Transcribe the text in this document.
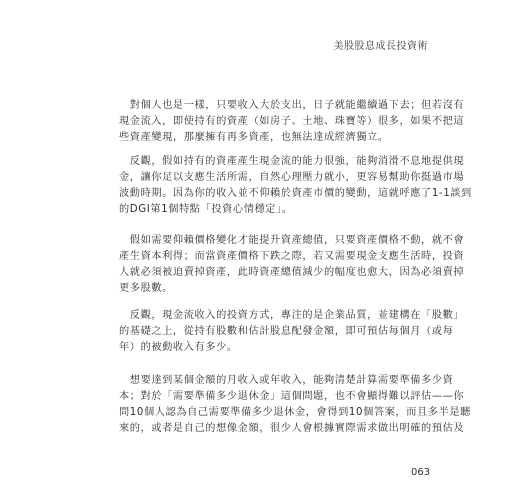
美股股息成長投資術
　對個人也是一樣，只要收入大於支出，日子就能繼續過下去；但若沒有
現金流入，即使持有的資產（如房子、土地、珠寶等）很多，如果不把這
些資產變現，那麼擁有再多資產，也無法達成經濟獨立。
　反觀，假如持有的資產產生現金流的能力很強，能夠消滑不息地提供現
金，讓你足以支應生活所需，自然心理壓力就小，更容易幫助你挺過市場
波動時期。因為你的收入並不仰賴於資產市價的變動，這就呼應了1-1談到
的DGI第1個特點「投資心情穩定」。
　假如需要仰賴價格變化才能提升資產總值，只要資產價格不動，就不會
產生資本利得；而當資產價格下跌之際，若又需要現金支應生活時，投資
人就必須被迫賣掉資產，此時資產總值減少的幅度也愈大，因為必須賣掉
更多股數。
　反觀，現金流收入的投資方式，專注的是企業品質，並建構在「股數」
的基礎之上，從持有股數和估計股息配發金額，即可預估每個月（或每
年）的被動收入有多少。
　想要達到某個金額的月收入或年收入，能夠清楚計算需要準備多少資
本；對於「需要準備多少退休金」這個問題，也不會顯得難以評估——你
問10個人認為自己需要準備多少退休金，會得到10個答案，而且多半是聽
來的，或者是自己的想像金額，很少人會根據實際需求做出明確的預估及
063
